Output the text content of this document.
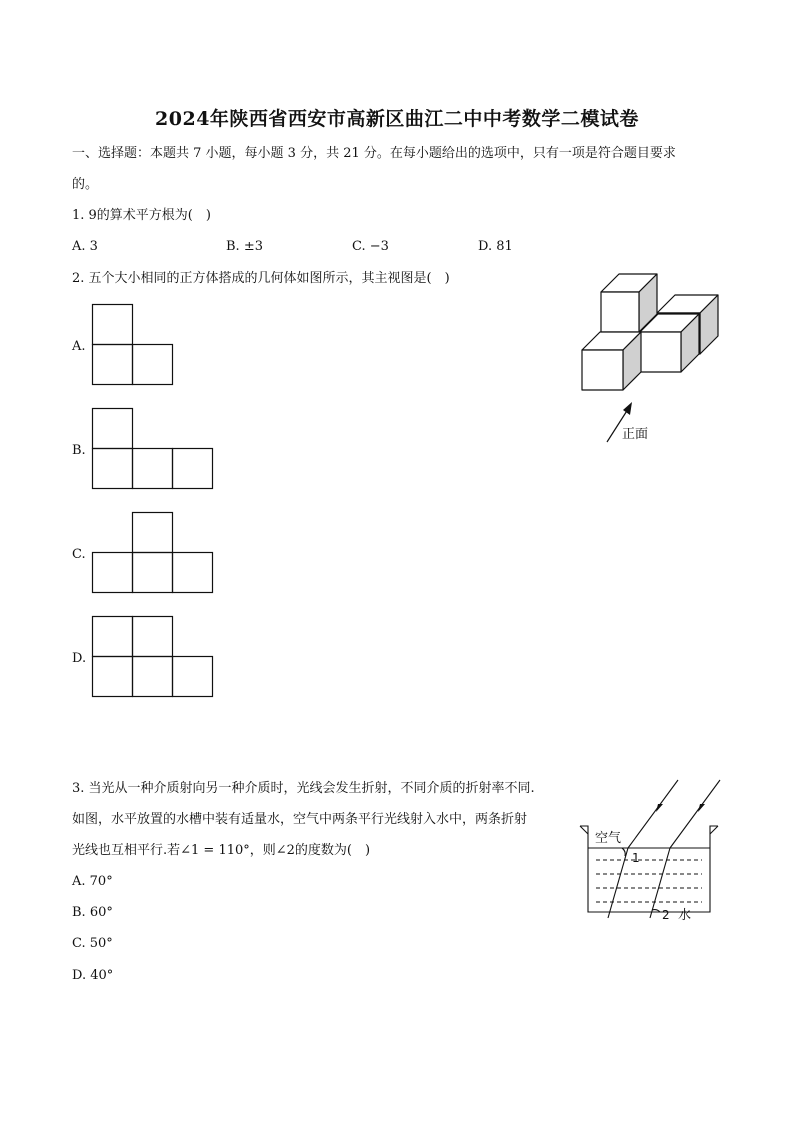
2024年陕西省西安市高新区曲江二中中考数学二模试卷
一、选择题：本题共 7 小题，每小题 3 分，共 21 分。在每小题给出的选项中，只有一项是符合题目要求
的。
1. 9的算术平方根为(　)
A. 3	B. ±3	C. −3	D. 81
2. 五个大小相同的正方体搭成的几何体如图所示，其主视图是(　)
A.
B.
C.
D.
正面
3. 当光从一种介质射向另一种介质时，光线会发生折射，不同介质的折射率不同.
如图，水平放置的水槽中装有适量水，空气中两条平行光线射入水中，两条折射
光线也互相平行.若∠1 = 110°，则∠2的度数为(　)
A. 70°
B. 60°
C. 50°
D. 40°
空气
1
2 水
